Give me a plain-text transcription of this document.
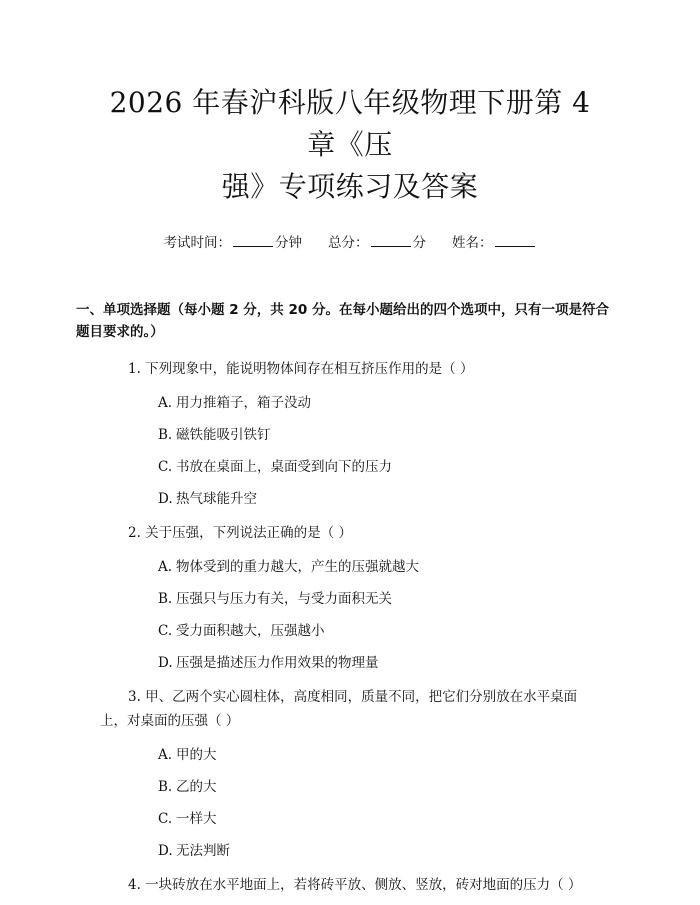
2026 年春沪科版八年级物理下册第 4 章《压
强》专项练习及答案
考试时间：	分钟 总分：	分 姓名：
一、单项选择题（每小题 2 分，共 20 分。在每小题给出的四个选项中，只有一项是符合题目要求的。）
1. 下列现象中，能说明物体间存在相互挤压作用的是（ ）
A. 用力推箱子，箱子没动
B. 磁铁能吸引铁钉
C. 书放在桌面上，桌面受到向下的压力
D. 热气球能升空
2. 关于压强，下列说法正确的是（ ）
A. 物体受到的重力越大，产生的压强就越大
B. 压强只与压力有关，与受力面积无关
C. 受力面积越大，压强越小
D. 压强是描述压力作用效果的物理量
3. 甲、乙两个实心圆柱体，高度相同，质量不同，把它们分别放在水平桌面上，对桌面的压强（ ）
A. 甲的大
B. 乙的大
C. 一样大
D. 无法判断
4. 一块砖放在水平地面上，若将砖平放、侧放、竖放，砖对地面的压力（ ）
